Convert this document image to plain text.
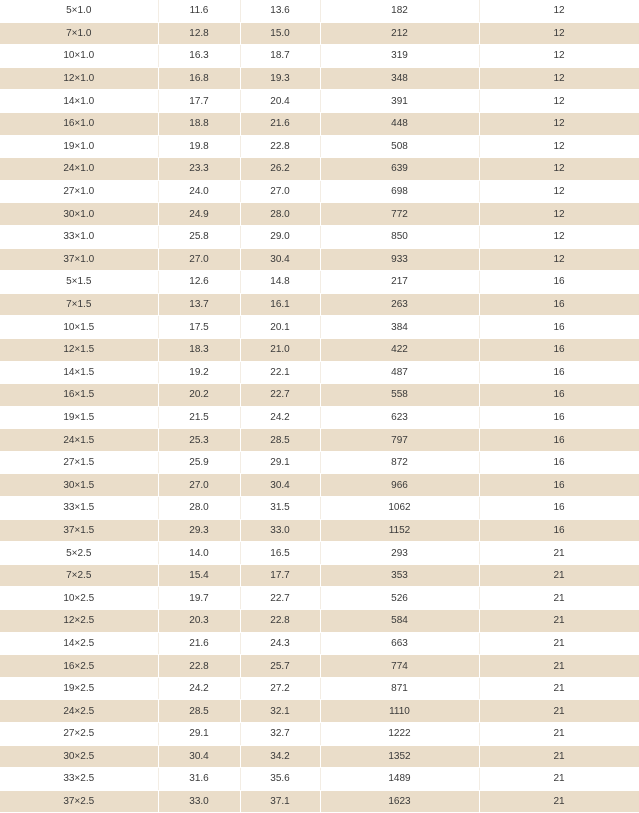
5×1.0	11.6	13.6	182	12
7×1.0	12.8	15.0	212	12
10×1.0	16.3	18.7	319	12
12×1.0	16.8	19.3	348	12
14×1.0	17.7	20.4	391	12
16×1.0	18.8	21.6	448	12
19×1.0	19.8	22.8	508	12
24×1.0	23.3	26.2	639	12
27×1.0	24.0	27.0	698	12
30×1.0	24.9	28.0	772	12
33×1.0	25.8	29.0	850	12
37×1.0	27.0	30.4	933	12
5×1.5	12.6	14.8	217	16
7×1.5	13.7	16.1	263	16
10×1.5	17.5	20.1	384	16
12×1.5	18.3	21.0	422	16
14×1.5	19.2	22.1	487	16
16×1.5	20.2	22.7	558	16
19×1.5	21.5	24.2	623	16
24×1.5	25.3	28.5	797	16
27×1.5	25.9	29.1	872	16
30×1.5	27.0	30.4	966	16
33×1.5	28.0	31.5	1062	16
37×1.5	29.3	33.0	1152	16
5×2.5	14.0	16.5	293	21
7×2.5	15.4	17.7	353	21
10×2.5	19.7	22.7	526	21
12×2.5	20.3	22.8	584	21
14×2.5	21.6	24.3	663	21
16×2.5	22.8	25.7	774	21
19×2.5	24.2	27.2	871	21
24×2.5	28.5	32.1	1110	21
27×2.5	29.1	32.7	1222	21
30×2.5	30.4	34.2	1352	21
33×2.5	31.6	35.6	1489	21
37×2.5	33.0	37.1	1623	21
